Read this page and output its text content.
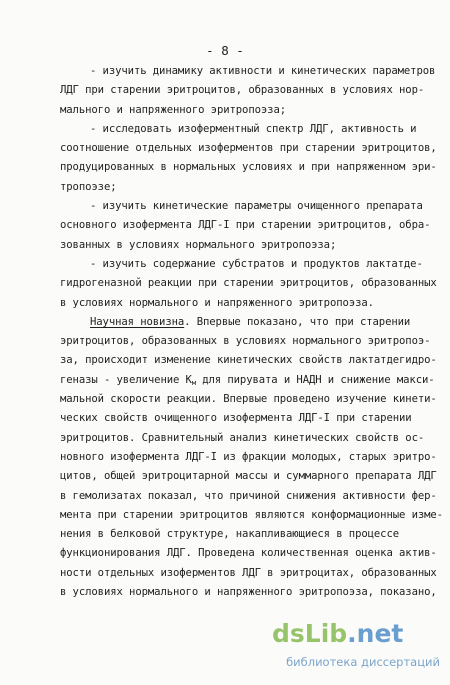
- 8 -
- изучить динамику активности и кинетических параметров
ЛДГ при старении эритроцитов, образованных в условиях нор-
мального и напряженного эритропоэза;
- исследовать изоферментный спектр ЛДГ, активность и
соотношение отдельных изоферментов при старении эритроцитов,
продуцированных в нормальных условиях и при напряженном эри-
тропоэзе;
- изучить кинетические параметры очищенного препарата
основного изофермента ЛДГ-I при старении эритроцитов, обра-
зованных в условиях нормального эритропоэза;
- изучить содержание субстратов и продуктов лактатде-
гидрогеназной реакции при старении эритроцитов, образованных
в условиях нормального и напряженного эритропоэза.
Научная новизна. Впервые показано, что при старении
эритроцитов, образованных в условиях нормального эритропоэ-
за, происходит изменение кинетических свойств лактатдегидро-
геназы - увеличение $К_м$ для пирувата и НАДН и снижение макси-
мальной скорости реакции. Впервые проведено изучение кинети-
ческих свойств очищенного изофермента ЛДГ-I при старении
эритроцитов. Сравнительный анализ кинетических свойств ос-
новного изофермента ЛДГ-I из фракции молодых, старых эритро-
цитов, общей эритроцитарной массы и суммарного препарата ЛДГ
в гемолизатах показал, что причиной снижения активности фер-
мента при старении эритроцитов являются конформационные изме-
нения в белковой структуре, накапливающиеся в процессе
функционирования ЛДГ. Проведена количественная оценка актив-
ности отдельных изоферментов ЛДГ в эритроцитах, образованных
в условиях нормального и напряженного эритропоэза, показано,
dsLib.net
библиотека диссертаций
